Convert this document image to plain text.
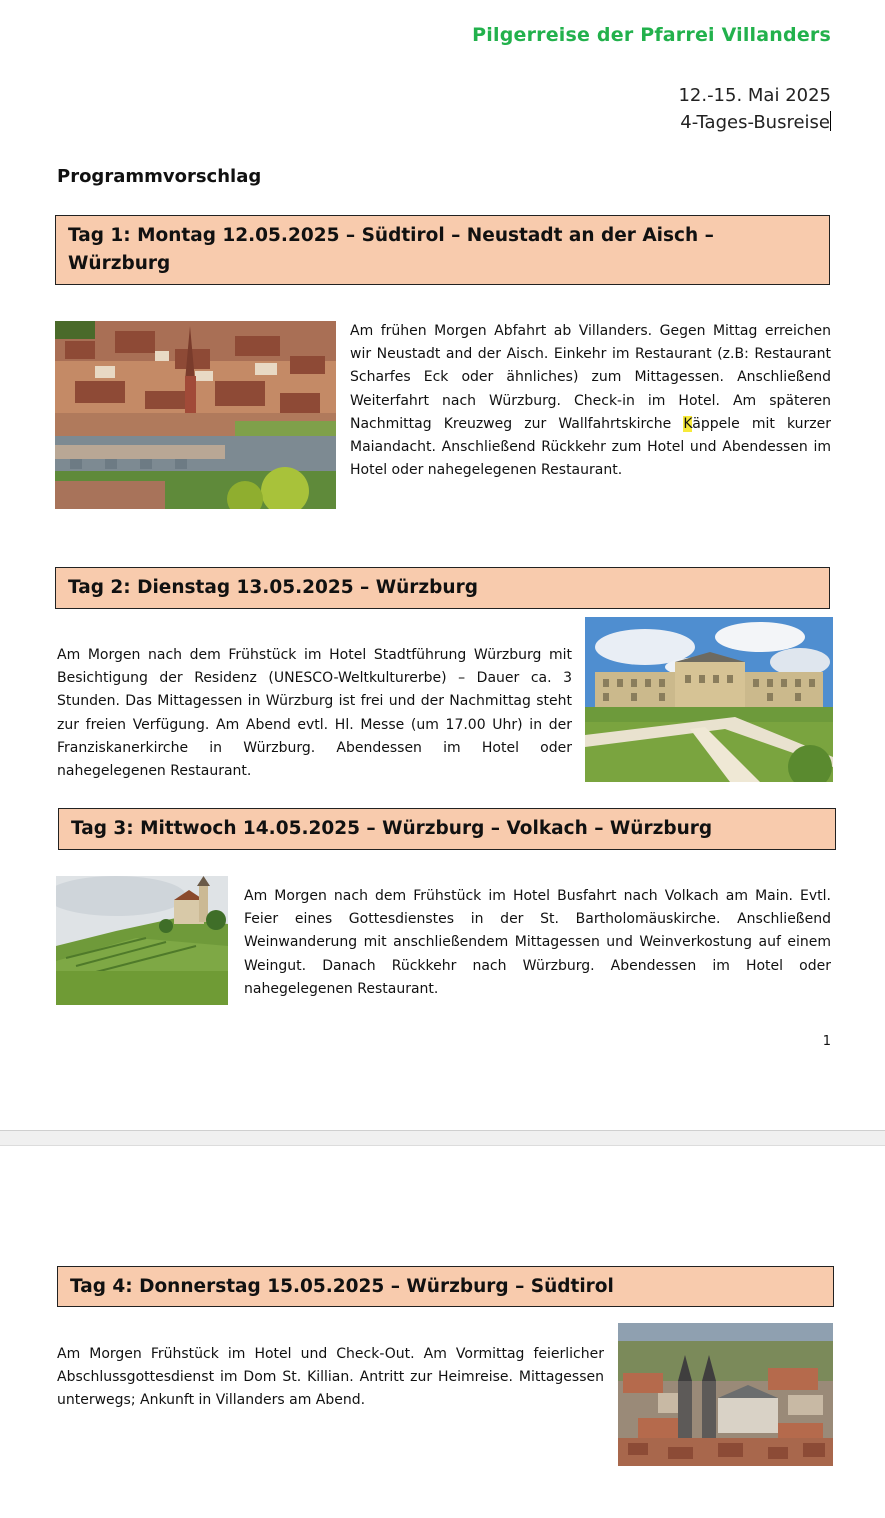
Pilgerreise der Pfarrei Villanders
12.-15. Mai 2025
4-Tages-Busreise
Programmvorschlag
Tag 1: Montag 12.05.2025 – Südtirol – Neustadt an der Aisch – Würzburg
Am frühen Morgen Abfahrt ab Villanders. Gegen Mittag erreichen wir Neustadt and der Aisch. Einkehr im Restaurant (z.B: Restaurant Scharfes Eck oder ähnliches) zum Mittagessen. Anschließend Weiterfahrt nach Würzburg. Check-in im Hotel. Am späteren Nachmittag Kreuzweg zur Wallfahrtskirche Käppele mit kurzer Maiandacht. Anschließend Rückkehr zum Hotel und Abendessen im Hotel oder nahegelegenen Restaurant.
Tag 2: Dienstag 13.05.2025 – Würzburg
Am Morgen nach dem Frühstück im Hotel Stadtführung Würzburg mit Besichtigung der Residenz (UNESCO-Weltkulturerbe) – Dauer ca. 3 Stunden. Das Mittagessen in Würzburg ist frei und der Nachmittag steht zur freien Verfügung. Am Abend evtl. Hl. Messe (um 17.00 Uhr) in der Franziskanerkirche in Würzburg. Abendessen im Hotel oder nahegelegenen Restaurant.
Tag 3: Mittwoch 14.05.2025 – Würzburg – Volkach – Würzburg
Am Morgen nach dem Frühstück im Hotel Busfahrt nach Volkach am Main. Evtl. Feier eines Gottesdienstes in der St. Bartholomäuskirche. Anschließend Weinwanderung mit anschließendem Mittagessen und Weinverkostung auf einem Weingut. Danach Rückkehr nach Würzburg. Abendessen im Hotel oder nahegelegenen Restaurant.
1
Tag 4: Donnerstag 15.05.2025 – Würzburg – Südtirol
Am Morgen Frühstück im Hotel und Check-Out. Am Vormittag feierlicher Abschlussgottesdienst im Dom St. Killian. Antritt zur Heimreise. Mittagessen unterwegs; Ankunft in Villanders am Abend.
